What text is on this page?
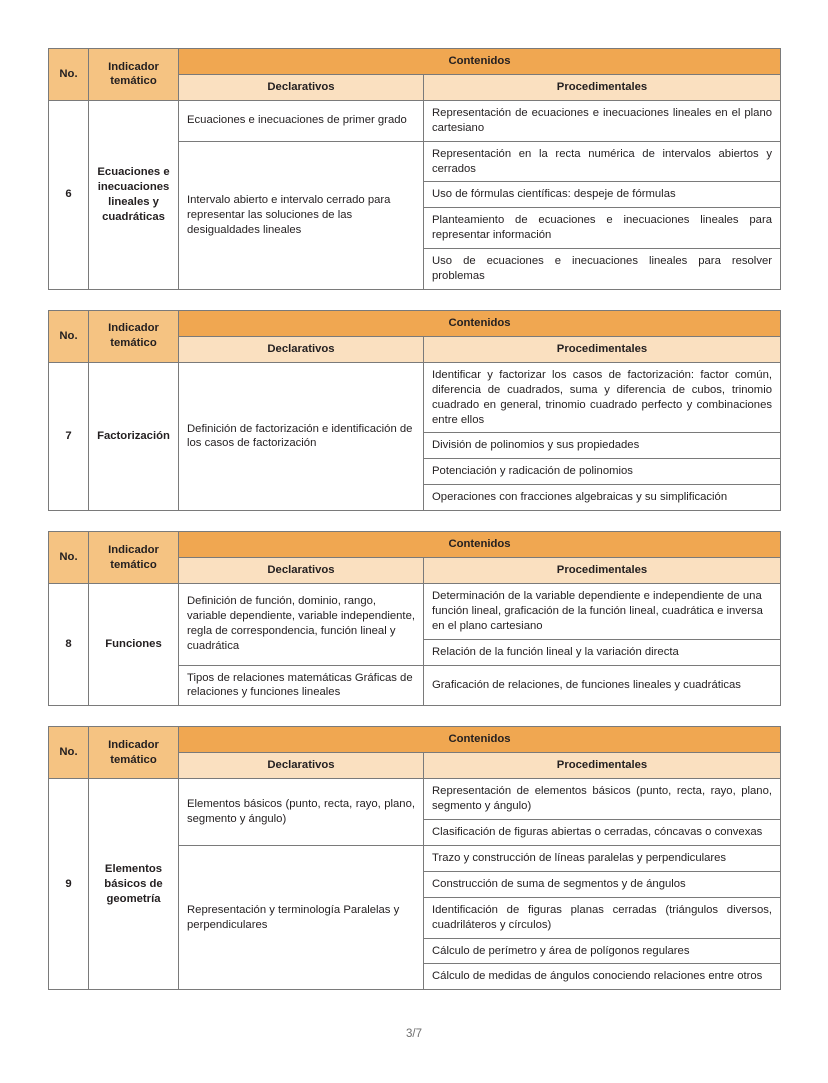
No.	Indicador temático	Contenidos	
		Declarativos	Procedimentales
6	Ecuaciones e inecuaciones lineales y cuadráticas	Ecuaciones e inecuaciones de primer grado	Representación de ecuaciones e inecuaciones lineales en el plano cartesiano
		Intervalo abierto e intervalo cerrado para representar las soluciones de las desigualdades lineales	Representación en la recta numérica de intervalos abiertos y cerrados
			Uso de fórmulas científicas: despeje de fórmulas
			Planteamiento de ecuaciones e inecuaciones lineales para representar información
			Uso de ecuaciones e inecuaciones lineales para resolver problemas
No.	Indicador temático	Contenidos	
		Declarativos	Procedimentales
7	Factorización	Definición de factorización e identificación de los casos de factorización	Identificar y factorizar los casos de factorización: factor común, diferencia de cuadrados, suma y diferencia de cubos, trinomio cuadrado en general, trinomio cuadrado perfecto y combinaciones entre ellos
			División de polinomios y sus propiedades
			Potenciación y radicación de polinomios
			Operaciones con fracciones algebraicas y su simplificación
No.	Indicador temático	Contenidos	
		Declarativos	Procedimentales
8	Funciones	Definición de función, dominio, rango, variable dependiente, variable independiente, regla de correspondencia, función lineal y cuadrática	Determinación de la variable dependiente e independiente de una función lineal, graficación de la función lineal, cuadrática e inversa en el plano cartesiano
			Relación de la función lineal y la variación directa
		Tipos de relaciones matemáticas Gráficas de relaciones y funciones lineales	Graficación de relaciones, de funciones lineales y cuadráticas
No.	Indicador temático	Contenidos	
		Declarativos	Procedimentales
9	Elementos básicos de geometría	Elementos básicos (punto, recta, rayo, plano, segmento y ángulo)	Representación de elementos básicos (punto, recta, rayo, plano, segmento y ángulo)
			Clasificación de figuras abiertas o cerradas, cóncavas o convexas
		Representación y terminología Paralelas y perpendiculares	Trazo y construcción de líneas paralelas y perpendiculares
			Construcción de suma de segmentos y de ángulos
			Identificación de figuras planas cerradas (triángulos diversos, cuadriláteros y círculos)
			Cálculo de perímetro y área de polígonos regulares
			Cálculo de medidas de ángulos conociendo relaciones entre otros
3/7
